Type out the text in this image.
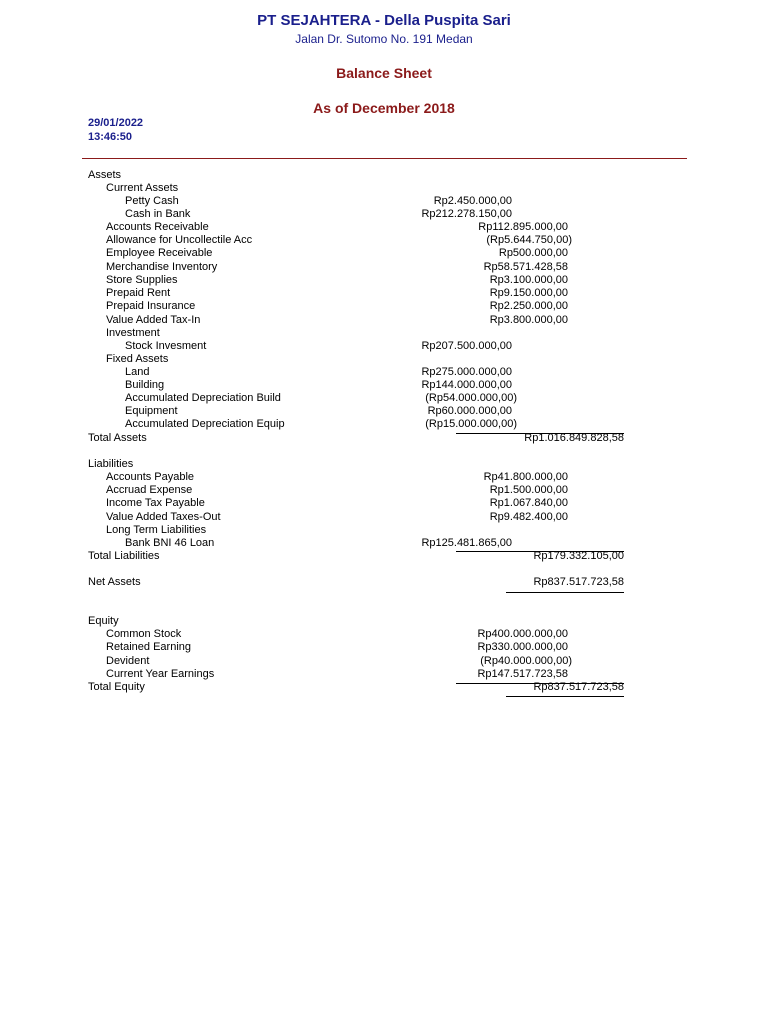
PT SEJAHTERA - Della Puspita Sari
Jalan Dr. Sutomo No. 191 Medan
Balance Sheet
As of December 2018
29/01/2022
13:46:50
Assets
Current Assets
Petty Cash	Rp2.450.000,00
Cash in Bank	Rp212.278.150,00
Accounts Receivable	Rp112.895.000,00
Allowance for Uncollectile Acc	(Rp5.644.750,00)
Employee Receivable	Rp500.000,00
Merchandise Inventory	Rp58.571.428,58
Store Supplies	Rp3.100.000,00
Prepaid Rent	Rp9.150.000,00
Prepaid Insurance	Rp2.250.000,00
Value Added Tax-In	Rp3.800.000,00
Investment
Stock Invesment	Rp207.500.000,00
Fixed Assets
Land	Rp275.000.000,00
Building	Rp144.000.000,00
Accumulated Depreciation Build	(Rp54.000.000,00)
Equipment	Rp60.000.000,00
Accumulated Depreciation Equip	(Rp15.000.000,00)
Total Assets	Rp1.016.849.828,58
Liabilities
Accounts Payable	Rp41.800.000,00
Accruad Expense	Rp1.500.000,00
Income Tax Payable	Rp1.067.840,00
Value Added Taxes-Out	Rp9.482.400,00
Long Term Liabilities
Bank BNI 46 Loan	Rp125.481.865,00
Total Liabilities	Rp179.332.105,00
Net Assets	Rp837.517.723,58
Equity
Common Stock	Rp400.000.000,00
Retained Earning	Rp330.000.000,00
Devident	(Rp40.000.000,00)
Current Year Earnings	Rp147.517.723,58
Total Equity	Rp837.517.723,58
